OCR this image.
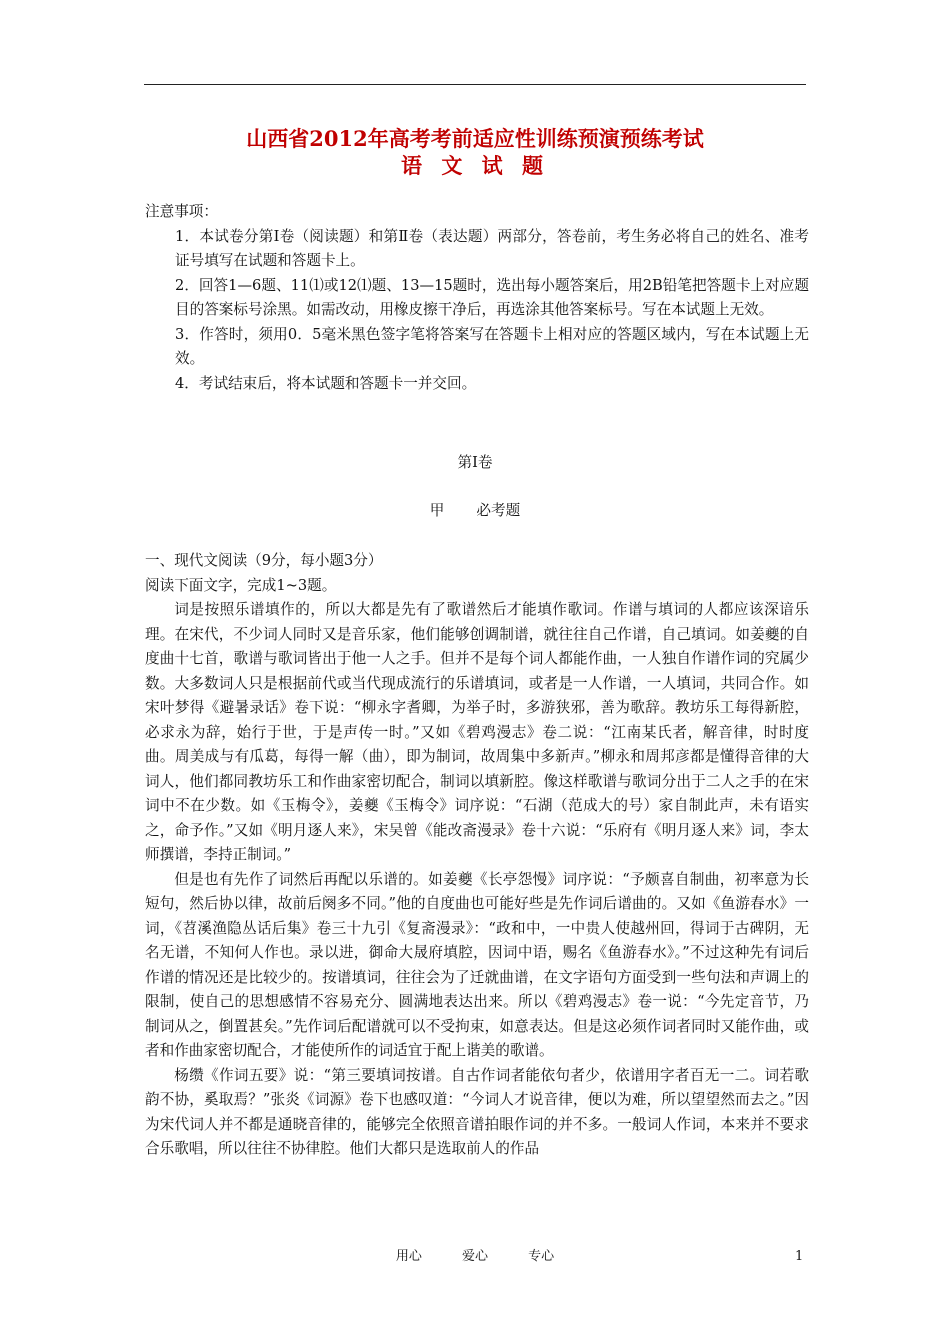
山西省2012年高考考前适应性训练预演预练考试
语 文 试 题

注意事项：

1．本试卷分第Ⅰ卷（阅读题）和第Ⅱ卷（表达题）两部分，答卷前，考生务必将自己的姓名、准考证号填写在试题和答题卡上。

2．回答1—6题、11⑴或12⑴题、13—15题时，选出每小题答案后，用2B铅笔把答题卡上对应题目的答案标号涂黑。如需改动，用橡皮擦干净后，再选涂其他答案标号。写在本试题上无效。

3．作答时，须用0．5毫米黑色签字笔将答案写在答题卡上相对应的答题区域内，写在本试题上无效。

4．考试结束后，将本试题和答题卡一并交回。

第Ⅰ卷
甲 必考题

一、现代文阅读（9分，每小题3分）

阅读下面文字，完成1~3题。

词是按照乐谱填作的，所以大都是先有了歌谱然后才能填作歌词。作谱与填词的人都应该深谙乐理。在宋代，不少词人同时又是音乐家，他们能够创调制谱，就往往自己作谱，自己填词。如姜夔的自度曲十七首，歌谱与歌词皆出于他一人之手。但并不是每个词人都能作曲，一人独自作谱作词的究属少数。大多数词人只是根据前代或当代现成流行的乐谱填词，或者是一人作谱，一人填词，共同合作。如宋叶梦得《避暑录话》卷下说：“柳永字耆卿，为举子时，多游狭邪，善为歌辞。教坊乐工每得新腔，必求永为辞，始行于世，于是声传一时。”又如《碧鸡漫志》卷二说：“江南某氏者，解音律，时时度曲。周美成与有瓜葛，每得一解（曲），即为制词，故周集中多新声。”柳永和周邦彦都是懂得音律的大词人，他们都同教坊乐工和作曲家密切配合，制词以填新腔。像这样歌谱与歌词分出于二人之手的在宋词中不在少数。如《玉梅令》，姜夔《玉梅令》词序说：“石湖（范成大的号）家自制此声，未有语实之，命予作。”又如《明月逐人来》，宋吴曾《能改斋漫录》卷十六说：“乐府有《明月逐人来》词，李太师撰谱，李持正制词。”

但是也有先作了词然后再配以乐谱的。如姜夔《长亭怨慢》词序说：“予颇喜自制曲，初率意为长短句，然后协以律，故前后阕多不同。”他的自度曲也可能好些是先作词后谱曲的。又如《鱼游春水》一词，《苕溪渔隐丛话后集》卷三十九引《复斋漫录》：“政和中，一中贵人使越州回，得词于古碑阴，无名无谱，不知何人作也。录以进，御命大晟府填腔，因词中语，赐名《鱼游春水》。”不过这种先有词后作谱的情况还是比较少的。按谱填词，往往会为了迁就曲谱，在文字语句方面受到一些句法和声调上的限制，使自己的思想感情不容易充分、圆满地表达出来。所以《碧鸡漫志》卷一说：“今先定音节，乃制词从之，倒置甚矣。”先作词后配谱就可以不受拘束，如意表达。但是这必须作词者同时又能作曲，或者和作曲家密切配合，才能使所作的词适宜于配上谐美的歌谱。

杨缵《作词五要》说：“第三要填词按谱。自古作词者能依句者少，依谱用字者百无一二。词若歌韵不协，奚取焉？”张炎《词源》卷下也感叹道：“今词人才说音律，便以为难，所以望望然而去之。”因为宋代词人并不都是通晓音律的，能够完全依照音谱拍眼作词的并不多。一般词人作词，本来并不要求合乐歌唱，所以往往不协律腔。他们大都只是选取前人的作品

用心	爱心	专心	1
